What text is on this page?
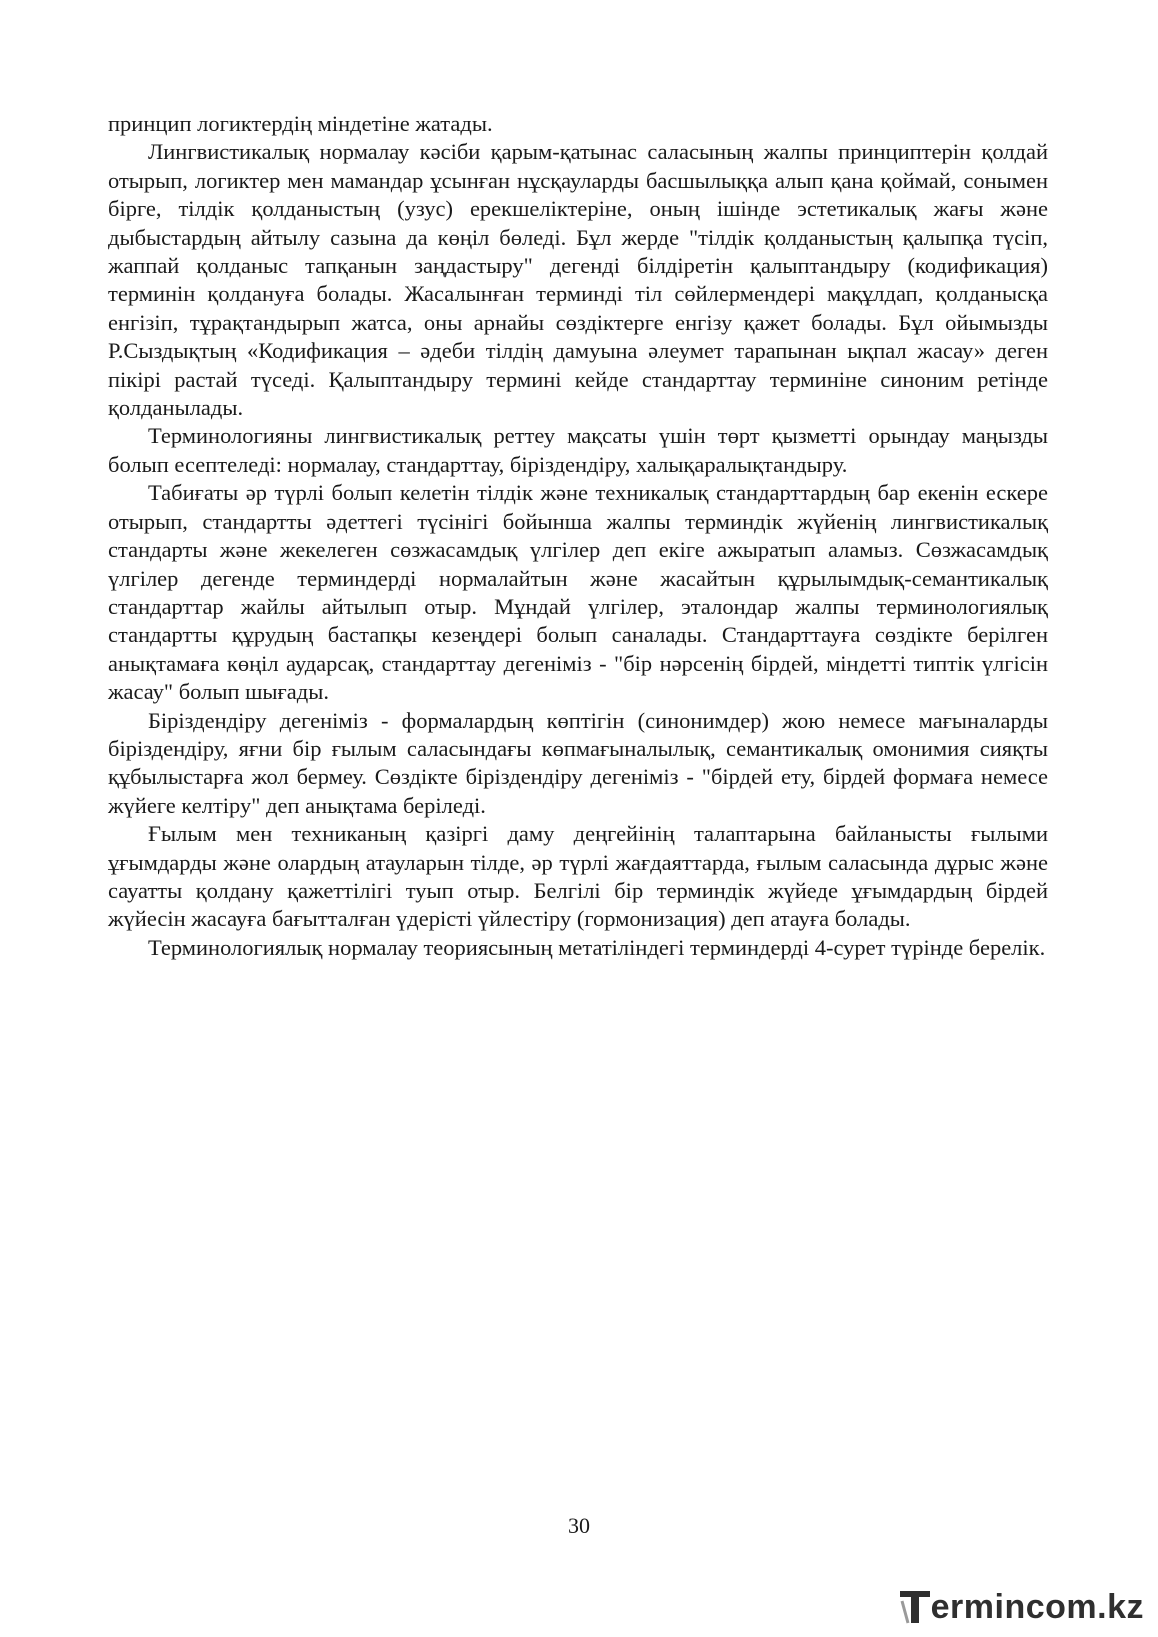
принцип логиктердің міндетіне жатады.

Лингвистикалық нормалау кәсіби қарым-қатынас саласының жалпы принциптерін қолдай отырып, логиктер мен мамандар ұсынған нұсқауларды басшылыққа алып қана қоймай, сонымен бірге, тілдік қолданыстың (узус) ерекшеліктеріне, оның ішінде эстетикалық жағы және дыбыстардың айтылу сазына да көңіл бөледі. Бұл жерде "тілдік қолданыстың қалыпқа түсіп, жаппай қолданыс тапқанын заңдастыру" дегенді білдіретін қалыптандыру (кодификация) терминін қолдануға болады. Жасалынған терминді тіл сөйлермендері мақұлдап, қолданысқа енгізіп, тұрақтандырып жатса, оны арнайы сөздіктерге енгізу қажет болады. Бұл ойымызды Р.Сыздықтың «Кодификация – әдеби тілдің дамуына әлеумет тарапынан ықпал жасау» деген пікірі растай түседі. Қалыптандыру термині кейде стандарттау терминіне синоним ретінде қолданылады.

Терминологияны лингвистикалық реттеу мақсаты үшін төрт қызметті орындау маңызды болып есептеледі: нормалау, стандарттау, біріздендіру, халықаралықтандыру.

Табиғаты әр түрлі болып келетін тілдік және техникалық стандарттардың бар екенін ескере отырып, стандартты әдеттегі түсінігі бойынша жалпы терминдік жүйенің лингвистикалық стандарты және жекелеген сөзжасамдық үлгілер деп екіге ажыратып аламыз. Сөзжасамдық үлгілер дегенде терминдерді нормалайтын және жасайтын құрылымдық-семантикалық стандарттар жайлы айтылып отыр. Мұндай үлгілер, эталондар жалпы терминологиялық стандартты құрудың бастапқы кезеңдері болып саналады. Стандарттауға сөздікте берілген анықтамаға көңіл аударсақ, стандарттау дегеніміз - "бір нәрсенің бірдей, міндетті типтік үлгісін жасау" болып шығады.

Біріздендіру дегеніміз - формалардың көптігін (синонимдер) жою немесе мағыналарды біріздендіру, яғни бір ғылым саласындағы көпмағыналылық, семантикалық омонимия сияқты құбылыстарға жол бермеу. Сөздікте біріздендіру дегеніміз - "бірдей ету, бірдей формаға немесе жүйеге келтіру" деп анықтама беріледі.

Ғылым мен техниканың қазіргі даму деңгейінің талаптарына байланысты ғылыми ұғымдарды және олардың атауларын тілде, әр түрлі жағдаяттарда, ғылым саласында дұрыс және сауатты қолдану қажеттілігі туып отыр. Белгілі бір терминдік жүйеде ұғымдардың бірдей жүйесін жасауға бағытталған үдерісті үйлестіру (гормонизация) деп атауға болады.

Терминологиялық нормалау теориясының метатіліндегі терминдерді 4-сурет түрінде берелік.

30
ermincom.kz
